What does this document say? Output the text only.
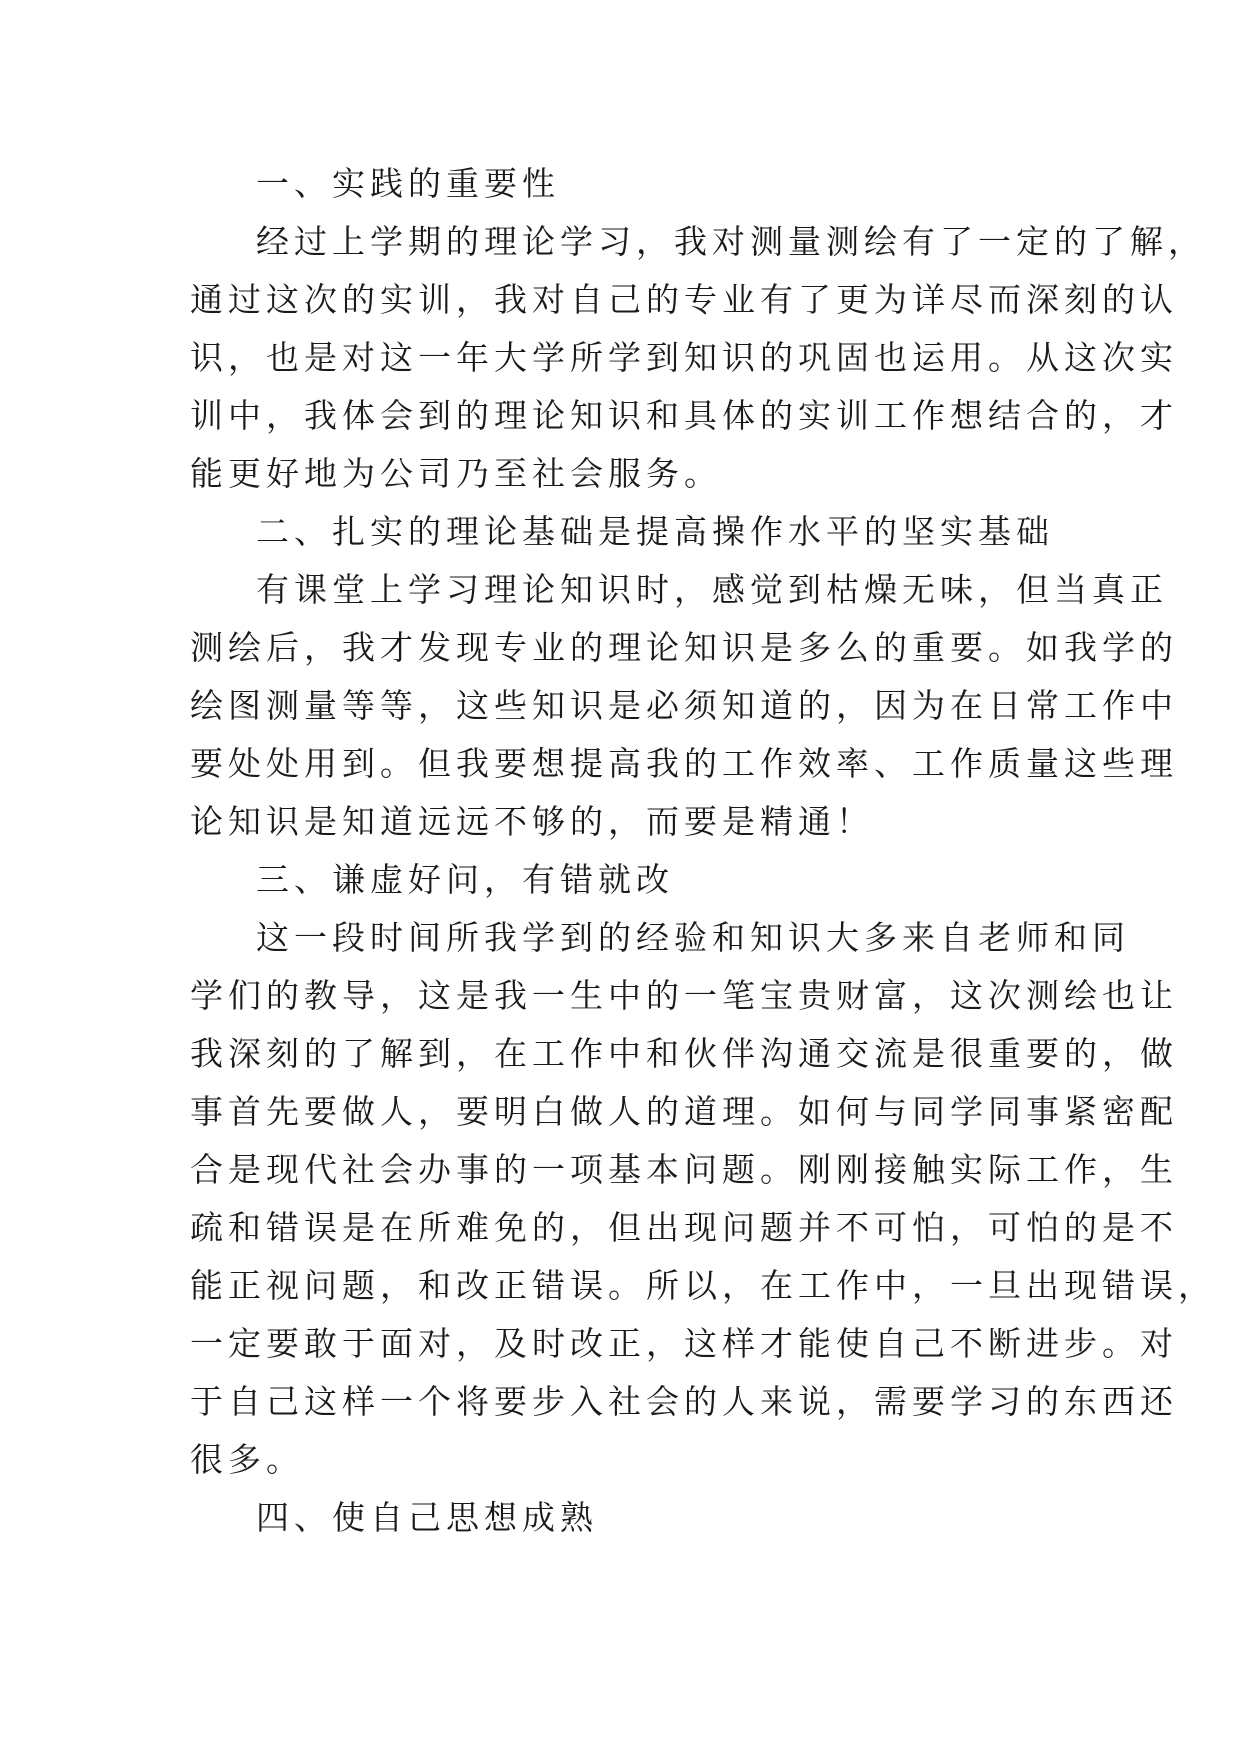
一、实践的重要性
经过上学期的理论学习，我对测量测绘有了一定的了解，
通过这次的实训，我对自己的专业有了更为详尽而深刻的认
识，也是对这一年大学所学到知识的巩固也运用。从这次实
训中，我体会到的理论知识和具体的实训工作想结合的，才
能更好地为公司乃至社会服务。
二、扎实的理论基础是提高操作水平的坚实基础
有课堂上学习理论知识时，感觉到枯燥无味，但当真正
测绘后，我才发现专业的理论知识是多么的重要。如我学的
绘图测量等等，这些知识是必须知道的，因为在日常工作中
要处处用到。但我要想提高我的工作效率、工作质量这些理
论知识是知道远远不够的，而要是精通！
三、谦虚好问，有错就改
这一段时间所我学到的经验和知识大多来自老师和同
学们的教导，这是我一生中的一笔宝贵财富，这次测绘也让
我深刻的了解到，在工作中和伙伴沟通交流是很重要的，做
事首先要做人，要明白做人的道理。如何与同学同事紧密配
合是现代社会办事的一项基本问题。刚刚接触实际工作，生
疏和错误是在所难免的，但出现问题并不可怕，可怕的是不
能正视问题，和改正错误。所以，在工作中，一旦出现错误，
一定要敢于面对，及时改正，这样才能使自己不断进步。对
于自己这样一个将要步入社会的人来说，需要学习的东西还
很多。
四、使自己思想成熟
